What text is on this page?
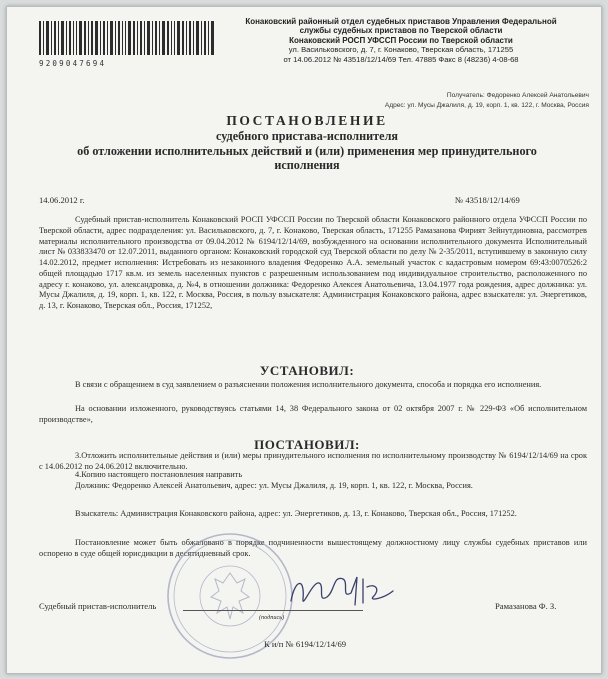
9209047694
Конаковский районный отдел судебных приставов Управления Федеральной
службы судебных приставов по Тверской области
Конаковский РОСП УФССП России по Тверской области
ул. Васильковского, д. 7, г. Конаково, Тверская область, 171255
от 14.06.2012 № 43518/12/14/69 Тел. 47885 Факс 8 (48236) 4-08-68
Получатель: Федоренко Алексей Анатольевич
Адрес: ул. Мусы Джалиля, д. 19, корп. 1, кв. 122, г. Москва, Россия
ПОСТАНОВЛЕНИЕ
судебного пристава-исполнителя
об отложении исполнительных действий и (или) применения мер принудительного
исполнения
14.06.2012 г.	№ 43518/12/14/69
Судебный пристав-исполнитель Конаковский РОСП УФССП России по Тверской области Конаковского районного отдела УФССП России по Тверской области, адрес подразделения: ул. Васильковского, д. 7, г. Конаково, Тверская область, 171255 Рамазанова Фирият Зейнутдиновна, рассмотрев материалы исполнительного производства от 09.04.2012 № 6194/12/14/69, возбужденного на основании исполнительного документа Исполнительный лист № 033833470 от 12.07.2011, выданного органом: Конаковский городской суд Тверской области по делу № 2-35/2011, вступившему в законную силу 14.02.2012, предмет исполнения: Истребовать из незаконного владения Федоренко А.А. земельный участок с кадастровым номером 69:43:0070526:2 общей площадью 1717 кв.м. из земель населенных пунктов с разрешенным использованием под индивидуальное строительство, расположенного по адресу г. конаково, ул. александровка, д. №4, в отношении должника: Федоренко Алексея Анатольевича, 13.04.1977 года рождения, адрес должника: ул. Мусы Джалиля, д. 19, корп. 1, кв. 122, г. Москва, Россия, в пользу взыскателя: Администрация Конаковского района, адрес взыскателя: ул. Энергетиков, д. 13, г. Конаково, Тверская обл., Россия, 171252,
УСТАНОВИЛ:
В связи с обращением в суд заявлением о разъяснении положения исполнительного документа, способа и порядка его исполнения.
На основании изложенного, руководствуясь статьями 14, 38 Федерального закона от 02 октября 2007 г. № 229-ФЗ «Об исполнительном производстве»,
ПОСТАНОВИЛ:
3.Отложить исполнительные действия и (или) меры принудительного исполнения по исполнительному производству № 6194/12/14/69 на срок с 14.06.2012 по 24.06.2012 включительно.
4.Копию настоящего постановления направить
Должник: Федоренко Алексей Анатольевич, адрес: ул. Мусы Джалиля, д. 19, корп. 1, кв. 122, г. Москва, Россия.
Взыскатель: Администрация Конаковского района, адрес: ул. Энергетиков, д. 13, г. Конаково, Тверская обл., Россия, 171252.
Постановление может быть обжаловано в порядке подчиненности вышестоящему должностному лицу службы судебных приставов или оспорено в суде общей юрисдикции в десятидневный срок.
Судебный пристав-исполнитель
(подпись)
Рамазанова Ф. З.
К и/п № 6194/12/14/69
